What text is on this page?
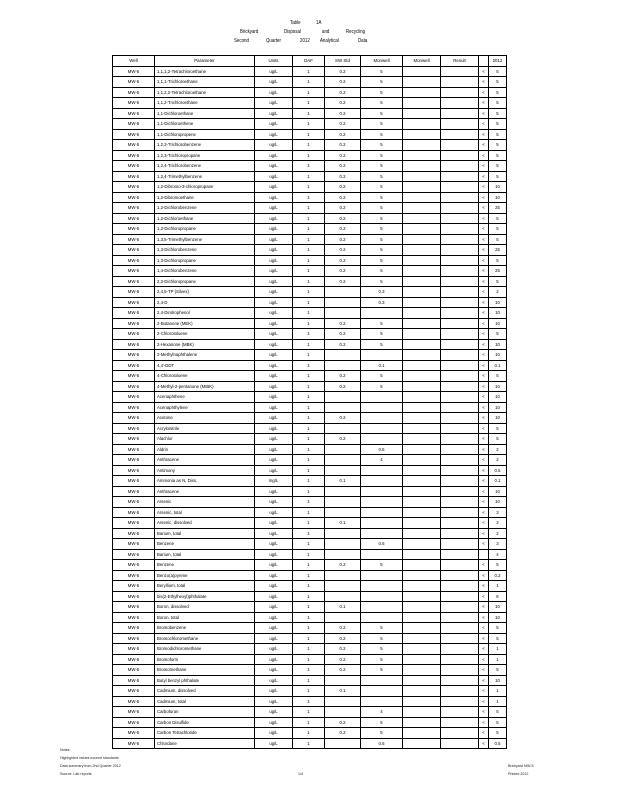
Table	1A
Brickyard	Disposal	and	Recycling
Second	Quarter	2012 Analytical	Data
Well	Parameter	Units	DAF	SW Std	Monwell	Monwell	Result		2012
MW-5	1,1,1,2-Tetrachloroethane	ug/L	1	0.2	5			<	5
MW-5	1,1,1-Trichloroethane	ug/L	1	0.2	5			<	5
MW-5	1,1,2,2-Tetrachloroethane	ug/L	1	0.2	5			<	5
MW-5	1,1,2-Trichloroethane	ug/L	1	0.2	5			<	5
MW-5	1,1-Dichloroethane	ug/L	1	0.2	5			<	5
MW-5	1,1-Dichloroethene	ug/L	1	0.2	5			<	5
MW-5	1,1-Dichloropropene	ug/L	1	0.2	5			<	5
MW-5	1,2,3-Trichlorobenzene	ug/L	1	0.2	5			<	5
MW-5	1,2,3-Trichloropropane	ug/L	1	0.2	5			<	5
MW-5	1,2,4-Trichlorobenzene	ug/L	1	0.2	5			<	5
MW-5	1,2,4-Trimethylbenzene	ug/L	1	0.2	5			<	5
MW-5	1,2-Dibromo-3-chloropropane	ug/L	1	0.2	5			<	10
MW-5	1,2-Dibromoethane	ug/L	1	0.2	5			<	10
MW-5	1,2-Dichlorobenzene	ug/L	1	0.2	5			<	25
MW-5	1,2-Dichloroethane	ug/L	1	0.2	5			<	5
MW-5	1,2-Dichloropropane	ug/L	1	0.2	5			<	5
MW-5	1,3,5-Trimethylbenzene	ug/L	1	0.2	5			<	5
MW-5	1,3-Dichlorobenzene	ug/L	1	0.2	5			<	25
MW-5	1,3-Dichloropropane	ug/L	1	0.2	5			<	5
MW-5	1,4-Dichlorobenzene	ug/L	1	0.2	5			<	25
MW-5	2,2-Dichloropropane	ug/L	1	0.2	5			<	5
MW-5	2,4,5-TP (Silvex)	ug/L	1		0.3			<	2
MW-5	2,4-D	ug/L	1		0.3			<	10
MW-5	2,4-Dinitrophenol	ug/L	1					<	10
MW-5	2-Butanone (MEK)	ug/L	1	0.2	5			<	10
MW-5	2-Chlorotoluene	ug/L	1	0.2	5			<	5
MW-5	2-Hexanone (MBK)	ug/L	1	0.2	5			<	10
MW-5	2-Methylnaphthalene	ug/L	1					<	10
MW-5	4,4'-DDT	ug/L	1		0.1			<	0.1
MW-5	4-Chlorotoluene	ug/L	1	0.2	5			<	5
MW-5	4-Methyl-2-pentanone (MIBK)	ug/L	1	0.2	5			<	10
MW-5	Acenaphthene	ug/L	1					<	10
MW-5	Acenaphthylene	ug/L	1					<	10
MW-5	Acetone	ug/L	1	0.2				<	10
MW-5	Acrylonitrile	ug/L	1					<	5
MW-5	Alachlor	ug/L	1	0.2				<	5
MW-5	Aldrin	ug/L	1		0.5			<	2
MW-5	Anthracene	ug/L	1		4			<	2
MW-5	Antimony	ug/L	1					<	0.5
MW-5	Ammonia as N, Diss.	mg/L	1	0.1				<	0.1
MW-5	Anthracene	ug/L	1					<	10
MW-5	Arsenic	ug/L	1					<	10
MW-5	Arsenic, total	ug/L	1					<	3
MW-5	Arsenic, dissolved	ug/L	1	0.1				<	2
MW-5	Barium, total	ug/L	1					<	2
MW-5	Benzene	ug/L	1		0.5			<	3
MW-5	Barium, total	ug/L	1						4
MW-5	Benzene	ug/L	1	0.2	5			<	5
MW-5	Benzo(a)pyrene	ug/L	1					<	0.2
MW-5	Beryllium, total	ug/L	1					<	1
MW-5	bis(2-Ethylhexyl)phthalate	ug/L	1					<	6
MW-5	Boron, dissolved	ug/L	1	0.1				<	10
MW-5	Boron, total	ug/L	1					<	10
MW-5	Bromobenzene	ug/L	1	0.2	5			<	5
MW-5	Bromochloromethane	ug/L	1	0.2	5			<	5
MW-5	Bromodichloromethane	ug/L	1	0.2	5			<	1
MW-5	Bromoform	ug/L	1	0.2	5			<	1
MW-5	Bromomethane	ug/L	1	0.2	5			<	5
MW-5	Butyl benzyl phthalate	ug/L	1					<	10
MW-5	Cadmium, dissolved	ug/L	1	0.1				<	1
MW-5	Cadmium, total	ug/L	1					<	1
MW-5	Carbofuran	ug/L	1		4			<	5
MW-5	Carbon Disulfide	ug/L	1	0.2	5			<	5
MW-5	Carbon Tetrachloride	ug/L	1	0.2	5			<	5
MW-5	Chlordane	ug/L	1		0.5			<	0.5
Notes:
Highlighted values exceed standards
Data summary from 2nd Quarter 2012
Source: Lab reports	1/4
Brickyard MW-5
Printed 2012
